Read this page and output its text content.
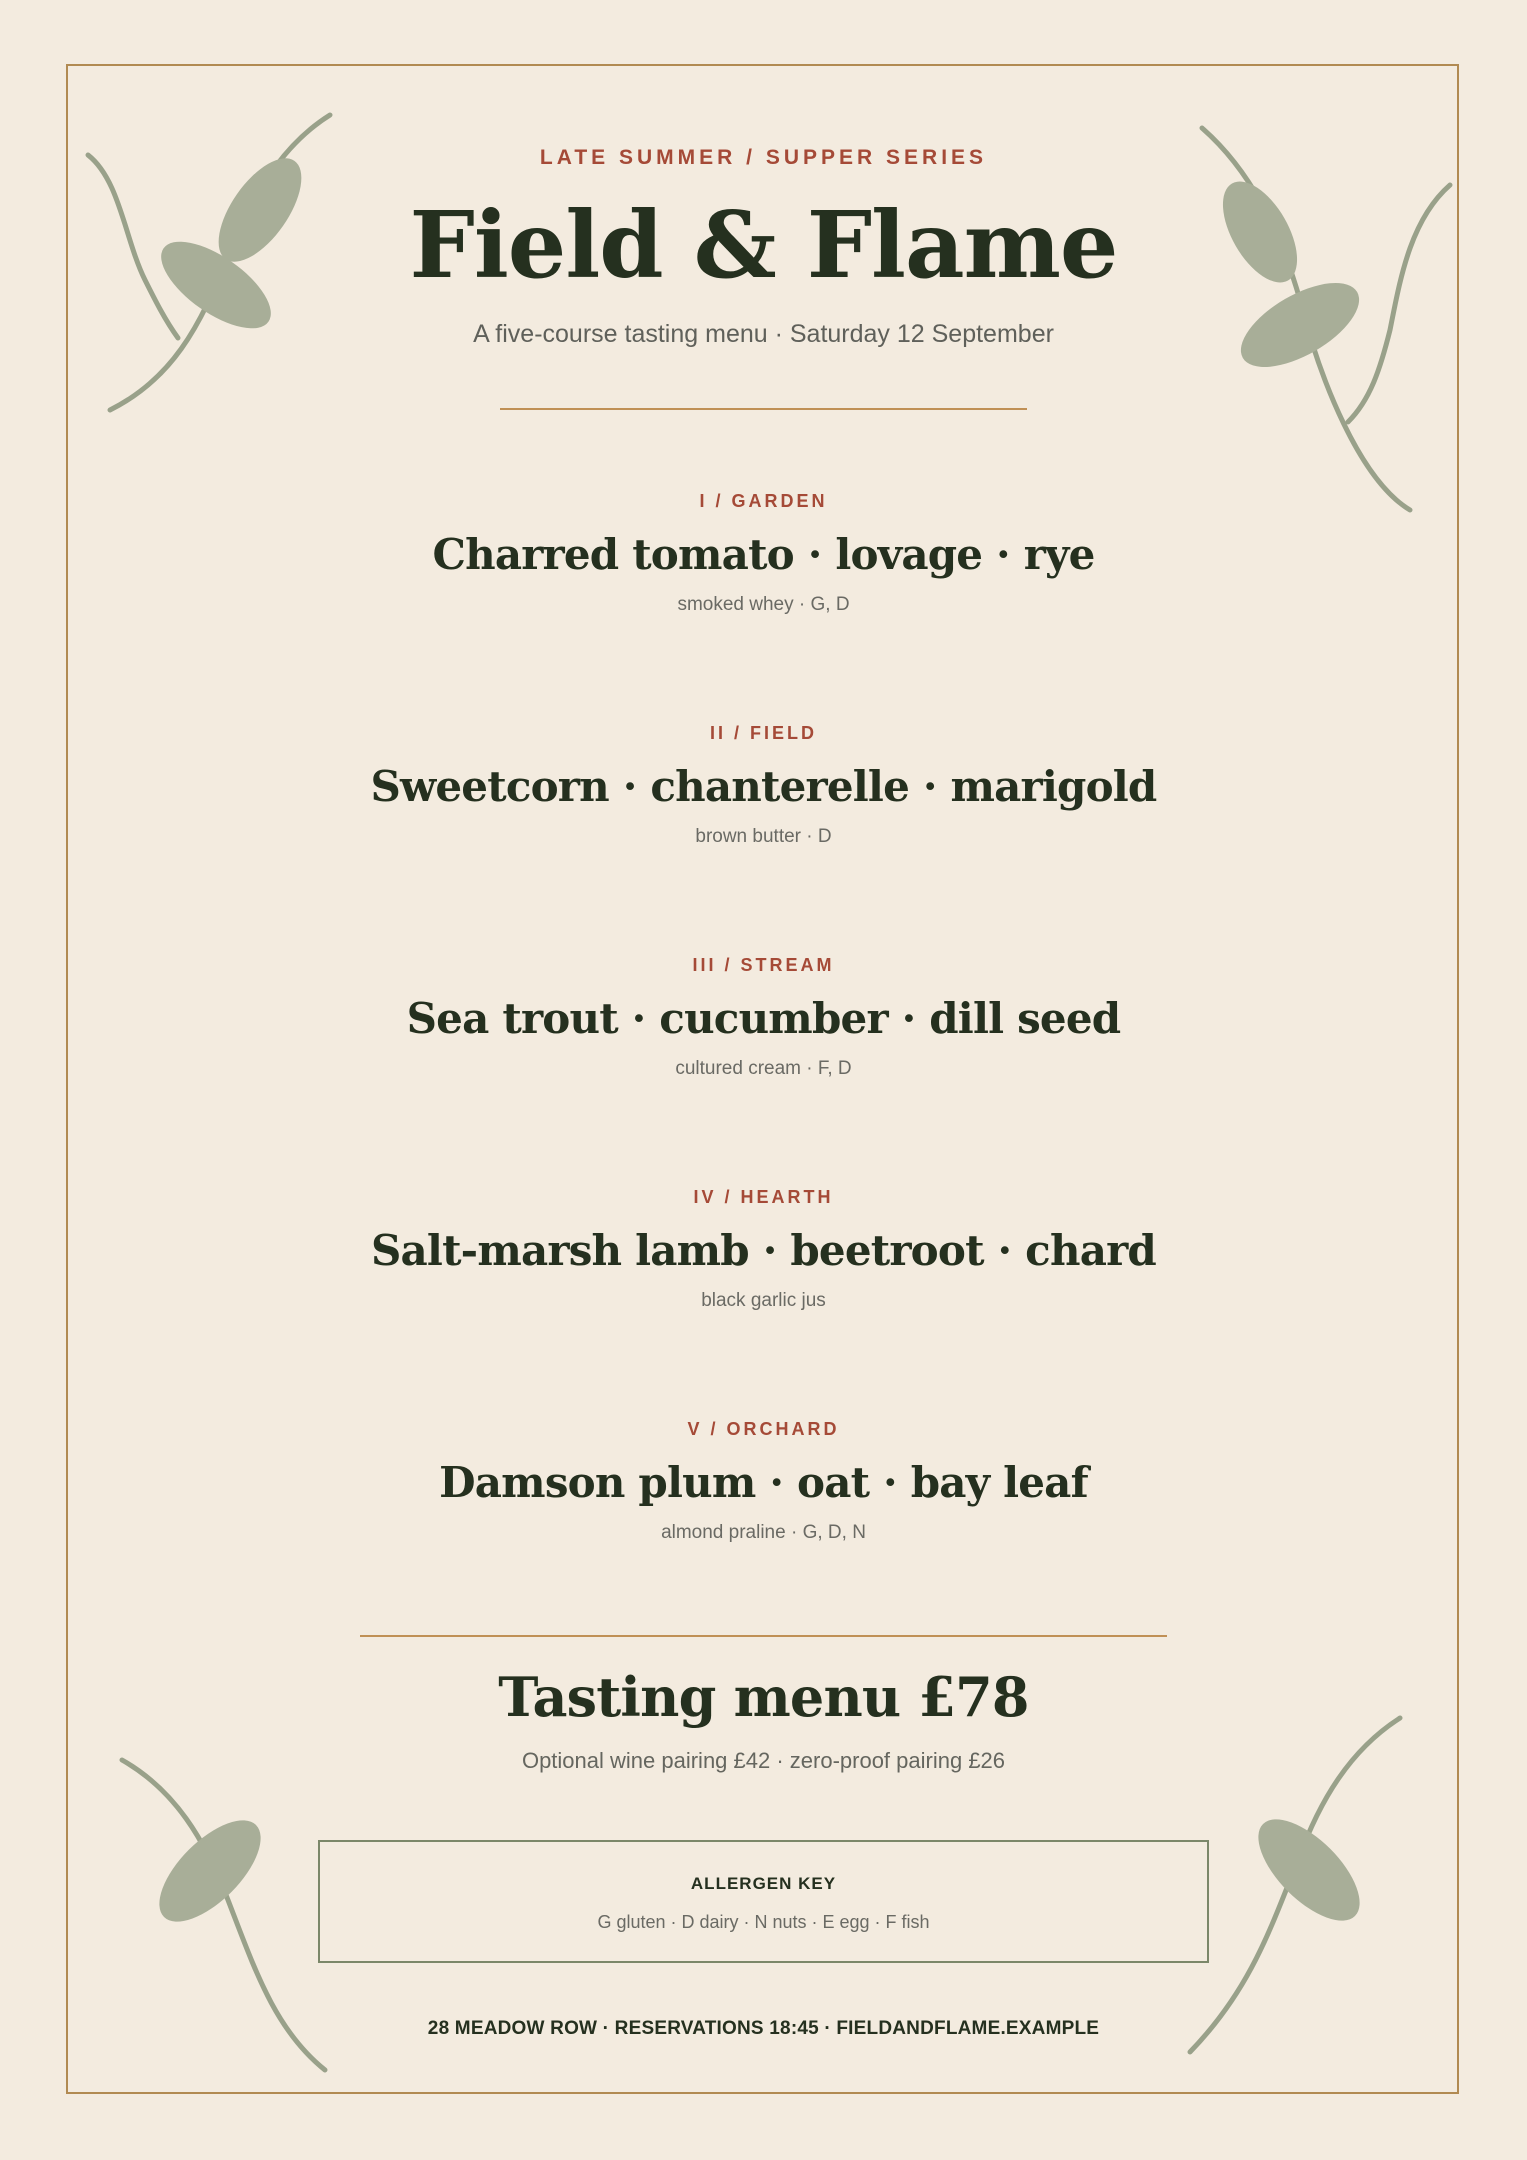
LATE SUMMER / SUPPER SERIES
Field & Flame
A five-course tasting menu · Saturday 12 September
I / GARDEN
Charred tomato · lovage · rye
smoked whey · G, D
II / FIELD
Sweetcorn · chanterelle · marigold
brown butter · D
III / STREAM
Sea trout · cucumber · dill seed
cultured cream · F, D
IV / HEARTH
Salt-marsh lamb · beetroot · chard
black garlic jus
V / ORCHARD
Damson plum · oat · bay leaf
almond praline · G, D, N
Tasting menu £78
Optional wine pairing £42 · zero-proof pairing £26
ALLERGEN KEY
G gluten · D dairy · N nuts · E egg · F fish
28 MEADOW ROW · RESERVATIONS 18:45 · FIELDANDFLAME.EXAMPLE
